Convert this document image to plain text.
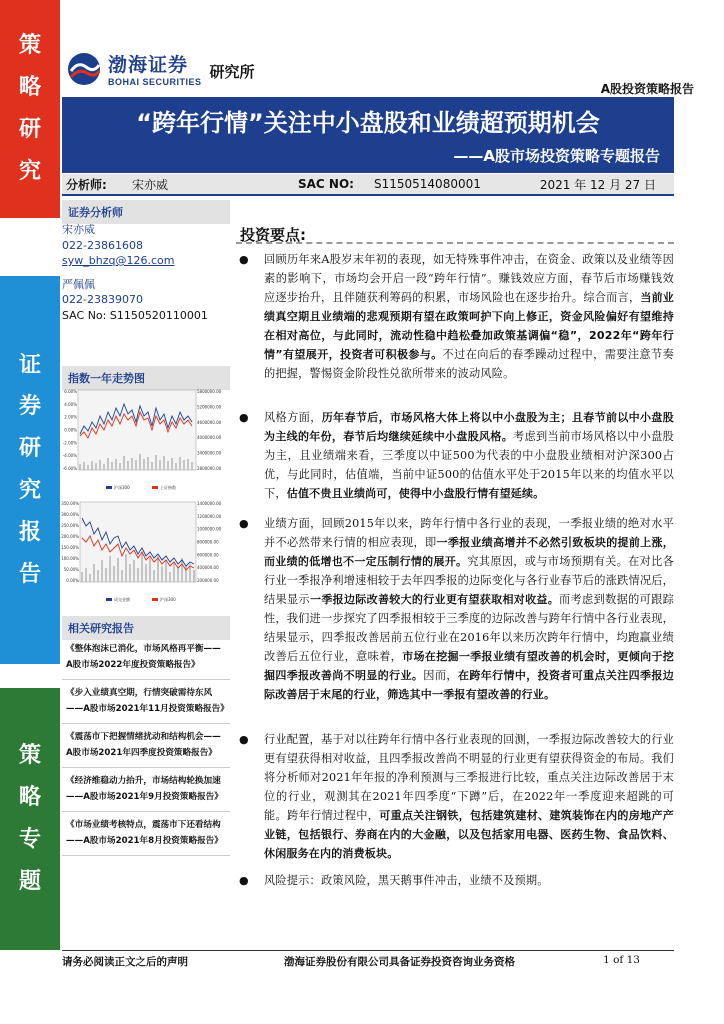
策
略
研
究
证
券
研
究
报
告
策
略
专
题
渤海证券
BOHAI SECURITIES
研究所
A股投资策略报告
“跨年行情”关注中小盘股和业绩超预期机会
——A股市场投资策略专题报告
分析师: 宋亦威	SAC NO: S1150514080001	2021 年 12 月 27 日
证券分析师
宋亦威
022-23861608
syw_bhzq@126.com
严佩佩
022-23839070
SAC No: S1150520110001
指数一年走势图
6.00%
4.00%
2.00%
0.00%
-2.00%
-4.00%
-6.00%
5800000.00
5200000.00
4600000.00
4000000.00
3400000.00
2800000.00
沪深300	上证指数
350.00%
300.00%
250.00%
200.00%
150.00%
100.00%
50.00%
0.00%
1400000.00
1200000.00
1000000.00
800000.00
600000.00
400000.00
200000.00
成交金额	沪深300
相关研究报告
《整体泡沫已消化，市场风格再平衡——A股市场2022年度投资策略报告》
《步入业绩真空期，行情突破需待东风——A股市场2021年11月投资策略报告》
《震荡市下把握情绪扰动和结构机会——A股市场2021年四季度投资策略报告》
《经济维稳动力抬升，市场结构轮换加速——A股市场2021年9月投资策略报告》
《市场业绩考核特点，震荡市下还看结构——A股市场2021年8月投资策略报告》
投资要点:
● 回顾历年来A股岁末年初的表现，如无特殊事件冲击，在资金、政策以及业绩等因素的影响下，市场均会开启一段“跨年行情”。赚钱效应方面，春节后市场赚钱效应逐步抬升，且伴随获利筹码的积累，市场风险也在逐步抬升。综合而言，当前业绩真空期且业绩端的悲观预期有望在政策呵护下向上修正，资金风险偏好有望维持在相对高位，与此同时，流动性稳中趋松叠加政策基调偏“稳”，2022年“跨年行情”有望展开，投资者可积极参与。不过在向后的春季躁动过程中，需要注意节奏的把握，警惕资金阶段性兑欲所带来的波动风险。
● 风格方面，历年春节后，市场风格大体上将以中小盘股为主；且春节前以中小盘股为主线的年份，春节后均继续延续中小盘股风格。考虑到当前市场风格以中小盘股为主，且业绩端来看，三季度以中证500为代表的中小盘股业绩相对沪深300占优，与此同时，估值端，当前中证500的估值水平处于2015年以来的均值水平以下，估值不贵且业绩尚可，使得中小盘股行情有望延续。
● 业绩方面，回顾2015年以来，跨年行情中各行业的表现，一季报业绩的绝对水平并不必然带来行情的相应表现，即一季报业绩高增并不必然引致板块的提前上涨，而业绩的低增也不一定压制行情的展开。究其原因，或与市场预期有关。在对比各行业一季报净利增速相较于去年四季报的边际变化与各行业春节后的涨跌情况后，结果显示一季报边际改善较大的行业更有望获取相对收益。而考虑到数据的可跟踪性，我们进一步探究了四季报相较于三季度的边际改善与跨年行情中各行业表现，结果显示，四季报改善居前五位行业在2016年以来历次跨年行情中，均跑赢业绩改善后五位行业，意味着，市场在挖掘一季报业绩有望改善的机会时，更倾向于挖掘四季报改善尚不明显的行业。因而，在跨年行情中，投资者可重点关注四季报边际改善居于末尾的行业，筛选其中一季报有望改善的行业。
● 行业配置，基于对以往跨年行情中各行业表现的回测，一季报边际改善较大的行业更有望获得相对收益，且四季报改善尚不明显的行业更有望获得资金的布局。我们将分析师对2021年年报的净利预测与三季报进行比较，重点关注边际改善居于末位的行业，观测其在2021年四季度“下蹲”后，在2022年一季度迎来超跳的可能。跨年行情过程中，可重点关注钢铁，包括建筑建材、建筑装饰在内的房地产产业链，包括银行、券商在内的大金融，以及包括家用电器、医药生物、食品饮料、休闲服务在内的消费板块。
● 风险提示：政策风险，黑天鹅事件冲击，业绩不及预期。
请务必阅读正文之后的声明	渤海证券股份有限公司具备证券投资咨询业务资格	1 of 13
